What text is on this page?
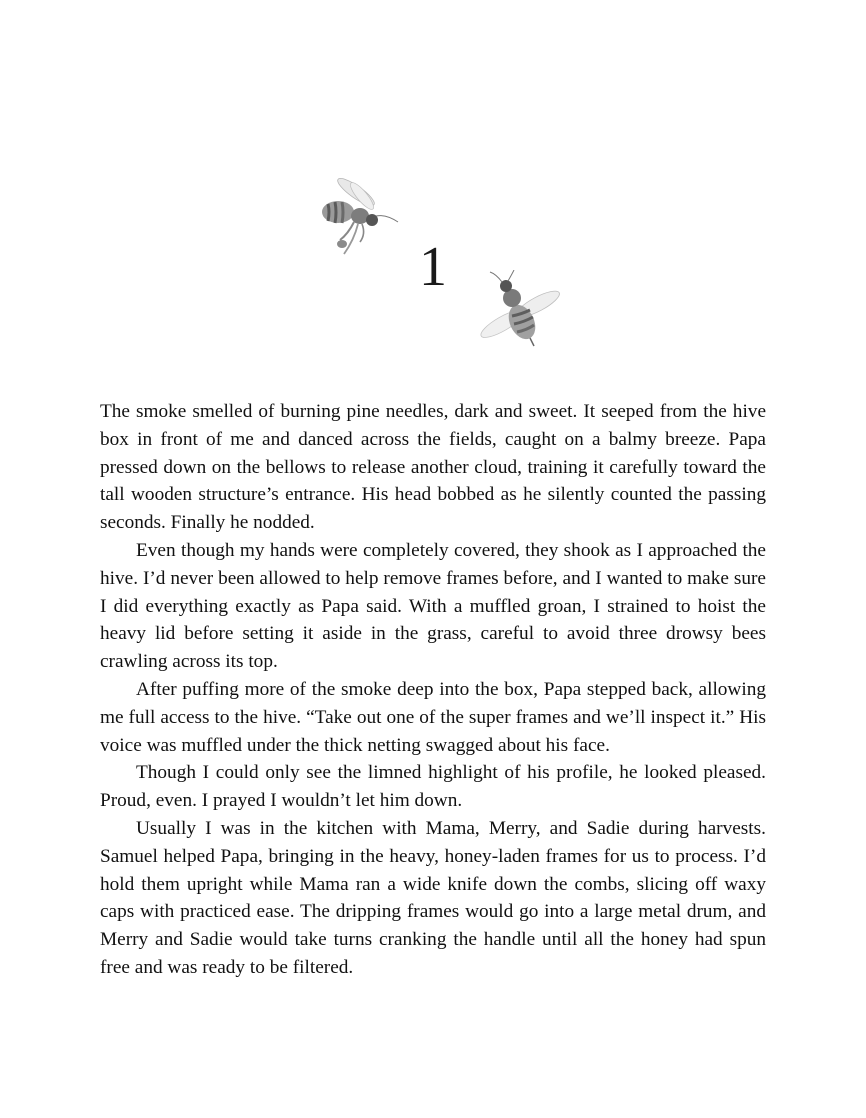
1

The smoke smelled of burning pine needles, dark and sweet. It seeped from the hive box in front of me and danced across the fields, caught on a balmy breeze. Papa pressed down on the bellows to release another cloud, training it carefully toward the tall wooden structure’s entrance. His head bobbed as he silently counted the passing seconds. Finally he nodded.

Even though my hands were completely covered, they shook as I approached the hive. I’d never been allowed to help remove frames before, and I wanted to make sure I did everything exactly as Papa said. With a muffled groan, I strained to hoist the heavy lid before setting it aside in the grass, careful to avoid three drowsy bees crawling across its top.

After puffing more of the smoke deep into the box, Papa stepped back, allowing me full access to the hive. “Take out one of the super frames and we’ll inspect it.” His voice was muffled under the thick netting swagged about his face.

Though I could only see the limned highlight of his profile, he looked pleased. Proud, even. I prayed I wouldn’t let him down.

Usually I was in the kitchen with Mama, Merry, and Sadie during harvests. Samuel helped Papa, bringing in the heavy, honey-laden frames for us to process. I’d hold them upright while Mama ran a wide knife down the combs, slicing off waxy caps with practiced ease. The dripping frames would go into a large metal drum, and Merry and Sadie would take turns cranking the handle until all the honey had spun free and was ready to be filtered.
